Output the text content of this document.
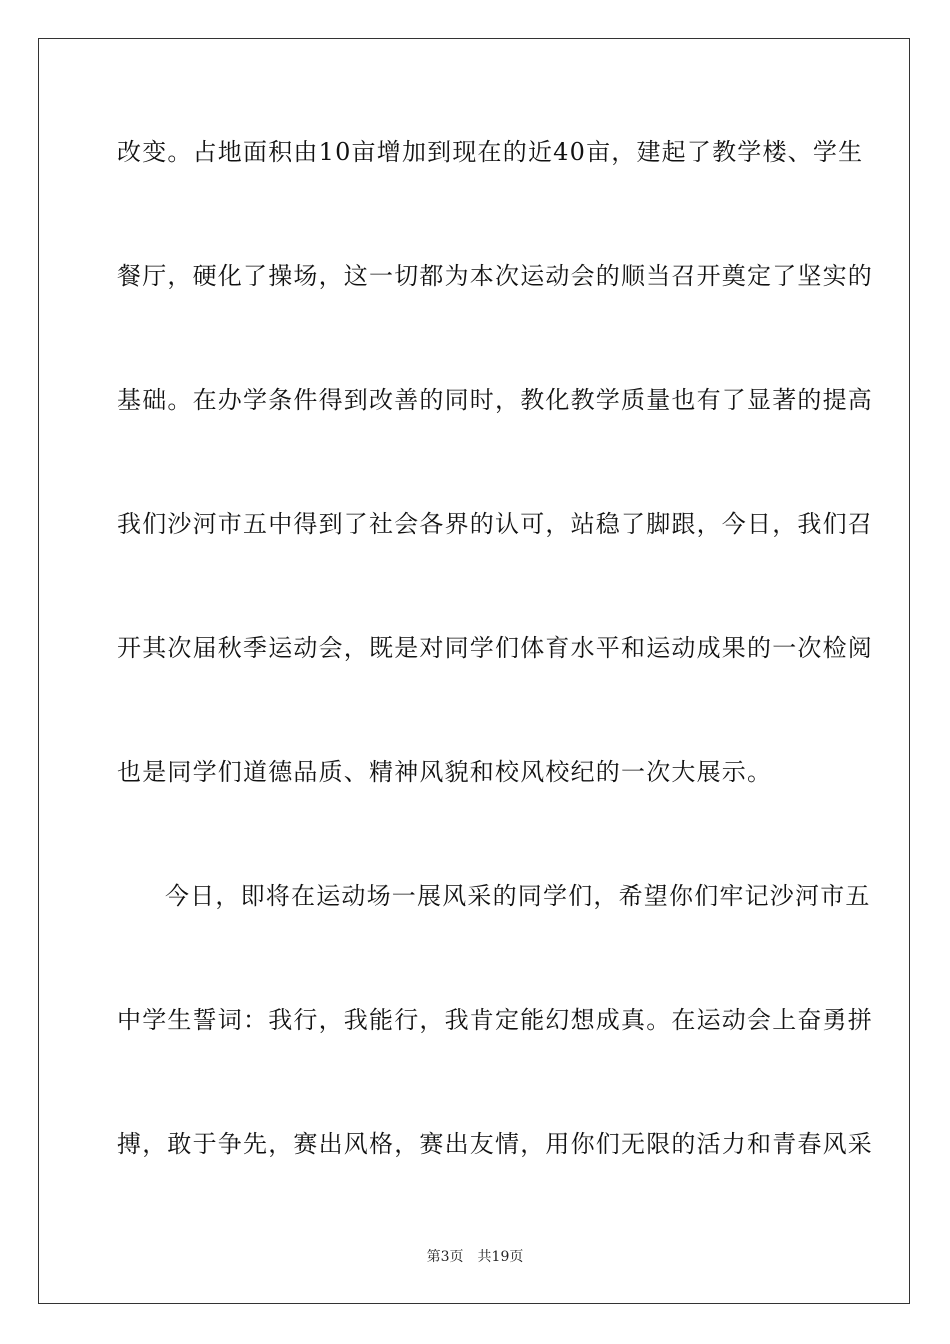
改变。占地面积由10亩增加到现在的近40亩，建起了教学楼、学生
餐厅，硬化了操场，这一切都为本次运动会的顺当召开奠定了坚实的
基础。在办学条件得到改善的同时，教化教学质量也有了显著的提高
我们沙河市五中得到了社会各界的认可，站稳了脚跟，今日，我们召
开其次届秋季运动会，既是对同学们体育水平和运动成果的一次检阅
也是同学们道德品质、精神风貌和校风校纪的一次大展示。
今日，即将在运动场一展风采的同学们，希望你们牢记沙河市五
中学生誓词：我行，我能行，我肯定能幻想成真。在运动会上奋勇拼
搏，敢于争先，赛出风格，赛出友情，用你们无限的活力和青春风采
第3页 共19页
